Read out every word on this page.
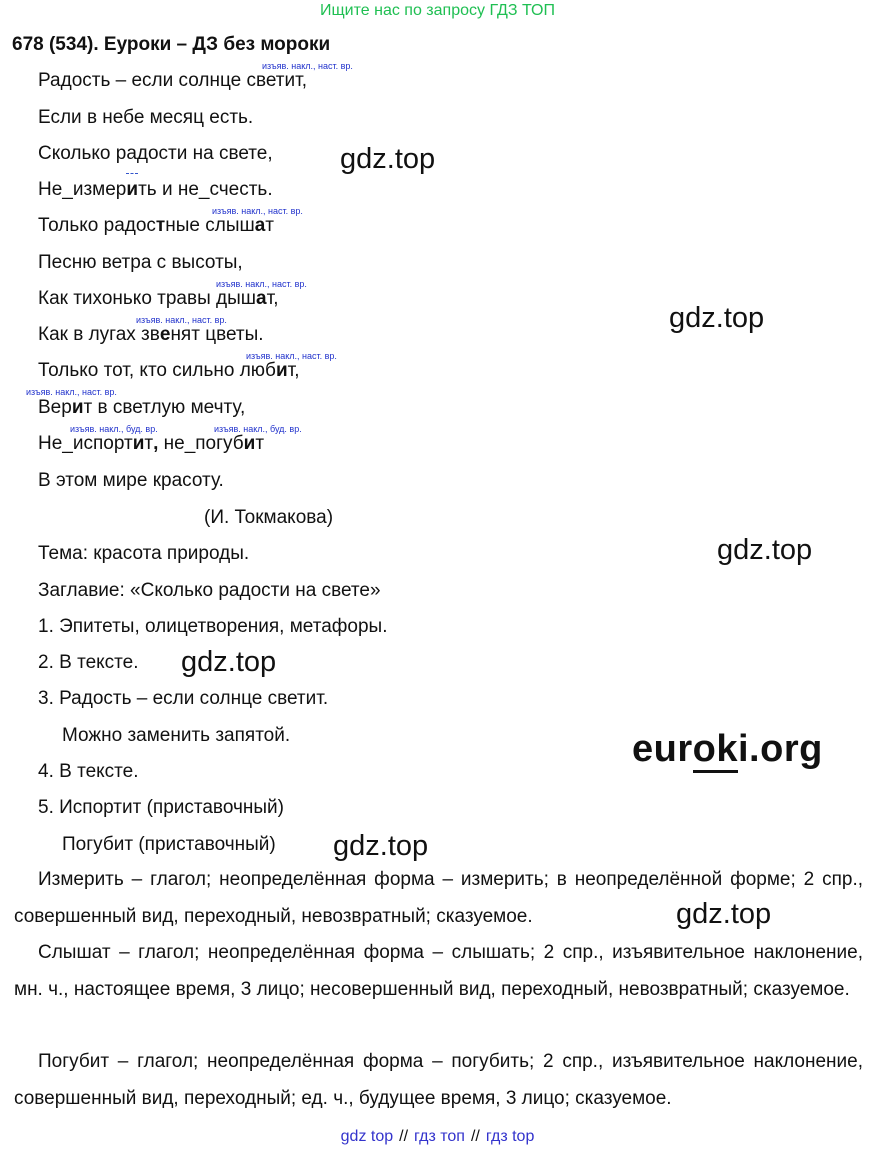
Ищите нас по запросу ГДЗ ТОП
678 (534). Еуроки – ДЗ без мороки
изъяв. накл., наст. вр.
Радость – если солнце светит,
Если в небе месяц есть.
Сколько радости на свете,
Не_измерить и не_счесть.
изъяв. накл., наст. вр.
Только радостные слышат
Песню ветра с высоты,
изъяв. накл., наст. вр.
Как тихонько травы дышат,
изъяв. накл., наст. вр.
Как в лугах звенят цветы.
изъяв. накл., наст. вр.
Только тот, кто сильно любит,
изъяв. накл., наст. вр.
Верит в светлую мечту,
изъяв. накл., буд. вр.	изъяв. накл., буд. вр.
Не_испортит, не_погубит
В этом мире красоту.
(И. Токмакова)
Тема: красота природы.
Заглавие: «Сколько радости на свете»
1. Эпитеты, олицетворения, метафоры.
2. В тексте.
3. Радость – если солнце светит.
Можно заменить запятой.
4. В тексте.
5. Испортит (приставочный)
Погубит (приставочный)
Измерить – глагол; неопределённая форма – измерить; в неопределённой форме; 2 спр., совершенный вид, переходный, невозвратный; сказуемое.
Слышат – глагол; неопределённая форма – слышать; 2 спр., изъявительное наклонение, мн. ч., настоящее время, 3 лицо; несовершенный вид, переходный, невозвратный; сказуемое.
Погубит – глагол; неопределённая форма – погубить; 2 спр., изъявительное наклонение, совершенный вид, переходный; ед. ч., будущее время, 3 лицо; сказуемое.
gdz.top
gdz.top
gdz.top
gdz.top
gdz.top
gdz.top
euroki.org
gdz top // гдз топ // гдз top
